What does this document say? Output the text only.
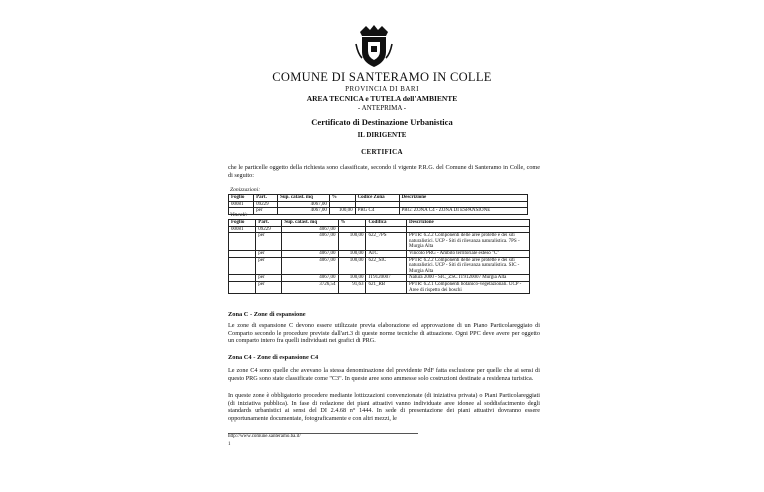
COMUNE DI SANTERAMO IN COLLE
PROVINCIA DI BARI
AREA TECNICA e TUTELA dell'AMBIENTE
- ANTEPRIMA -
Certificato di Destinazione Urbanistica
IL DIRIGENTE
CERTIFICA
che le particelle oggetto della richiesta sono classificate, secondo il vigente P.R.G. del Comune di Santeramo in Colle, come di seguito:
Zonizzazioni:
Foglio	Part.	Sup. catast. mq	%	Codice Zona	Descrizione
00081	09229	4067,00			
	per	4067,00	100,00	PRG C4	PRG: ZONA C4 - ZONA DI ESPANSIONE
Vincoli:
Foglio	Part.	Sup. catast. mq	%	Codifica	Descrizione
00081	09229	4067,00			
	per	4067,00	100,00	622_7PS	PPTR: 6.2.2 Componenti delle aree protette e dei siti naturalistici. UCP - Siti di rilevanza naturalistica. 7PS - Murgia Alta
	per	4067,00	100,00	ATC	Vincolo PRG - Ambito territoriale esteso "C"
	per	4067,00	100,00	622_SIC	PPTR: 6.2.2 Componenti delle aree protette e dei siti naturalistici. UCP - Siti di rilevanza naturalistica. SIC - Murgia Alta
	per	4067,00	100,00	IT9120007	Natura 2000 - SIC_ZSC IT9120007 Murgia Alta
	per	3726,54	91,63	621_RB	PPTR: 6.2.1 Componenti botanico-vegetazionali. UCP - Aree di rispetto dei boschi
Zona C - Zone di espansione
Le zone di espansione C devono essere utilizzate previa elaborazione ed approvazione di un Piano Particolareggiato di Comparto secondo le procedure previste dall'art.3 di queste norme tecniche di attuazione. Ogni PPC deve avere per oggetto un comparto intero fra quelli individuati nei grafici di PRG.
Zona C4 - Zone di espansione C4
Le zone C4 sono quelle che avevano la stessa denominazione del previdente PdF fatta esclusione per quelle che ai sensi di questo PRG sono state classificate come "C3". In queste aree sono ammesse solo costruzioni destinate a residenza turistica.
In queste zone è obbligatorio procedere mediante lottizzazioni convenzionate (di iniziativa privata) o Piani Particolareggiati (di iniziativa pubblica). In fase di redazione dei piani attuativi vanno individuate aree idonee al soddisfacimento degli standards urbanistici ai sensi del DI 2.4.68 n° 1444. In sede di presentazione dei piani attuativi dovranno essere opportunamente documentate, fotograficamente e con altri mezzi, le
http://www.comune.santeramo.ba.it/
1
